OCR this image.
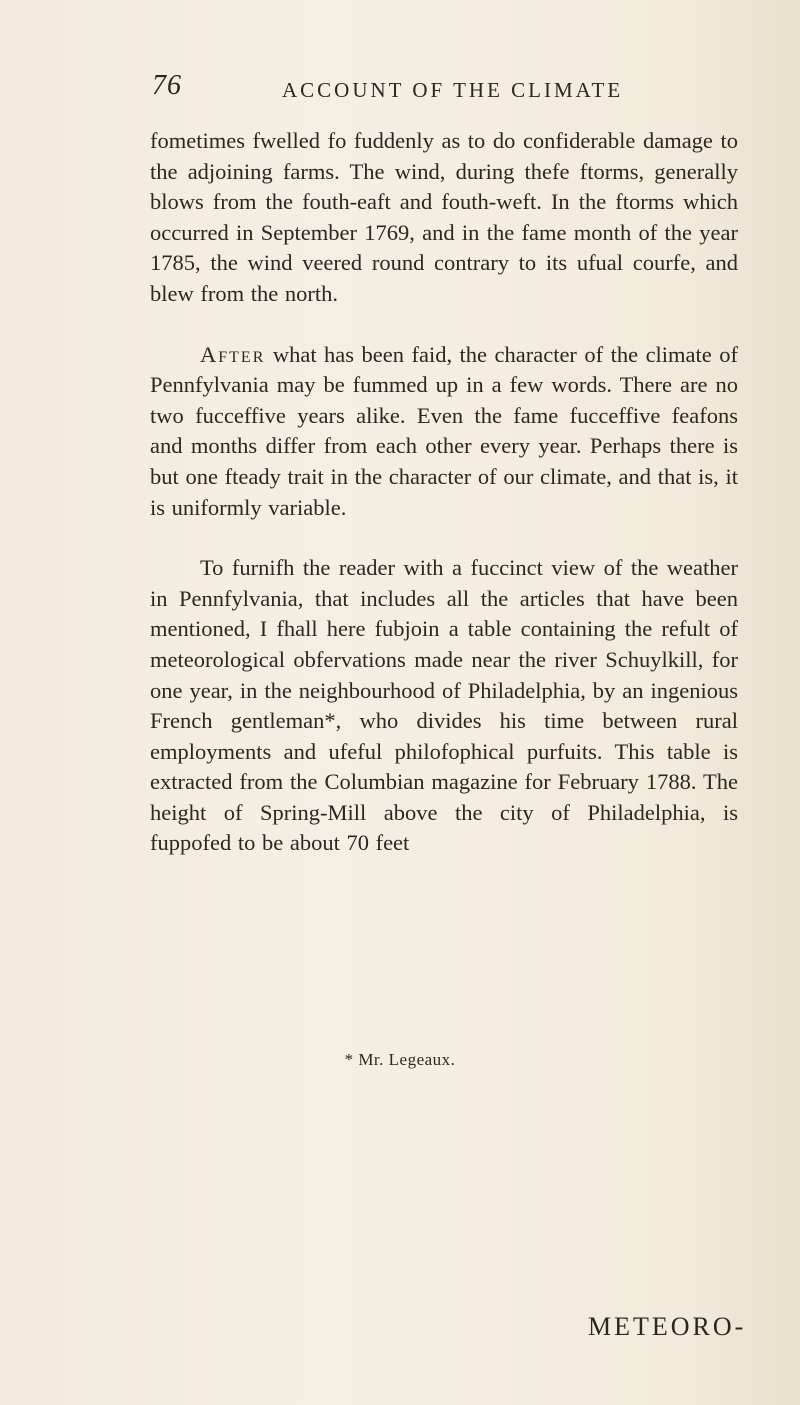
76	ACCOUNT OF THE CLIMATE

fometimes fwelled fo fuddenly as to do confiderable damage to the adjoining farms. The wind, during thefe ftorms, generally blows from the fouth-eaft and fouth-weft. In the ftorms which occurred in September 1769, and in the fame month of the year 1785, the wind veered round contrary to its ufual courfe, and blew from the north.

After what has been faid, the character of the climate of Pennfylvania may be fummed up in a few words. There are no two fucceffive years alike. Even the fame fucceffive feafons and months differ from each other every year. Perhaps there is but one fteady trait in the character of our climate, and that is, it is uniformly variable.

To furnifh the reader with a fuccinct view of the weather in Pennfylvania, that includes all the articles that have been mentioned, I fhall here fubjoin a table containing the refult of meteorological obfervations made near the river Schuylkill, for one year, in the neighbourhood of Philadelphia, by an ingenious French gentleman*, who divides his time between rural employments and ufeful philofophical purfuits. This table is extracted from the Columbian magazine for February 1788. The height of Spring-Mill above the city of Philadelphia, is fuppofed to be about 70 feet

* Mr. Legeaux.
METEORO-
